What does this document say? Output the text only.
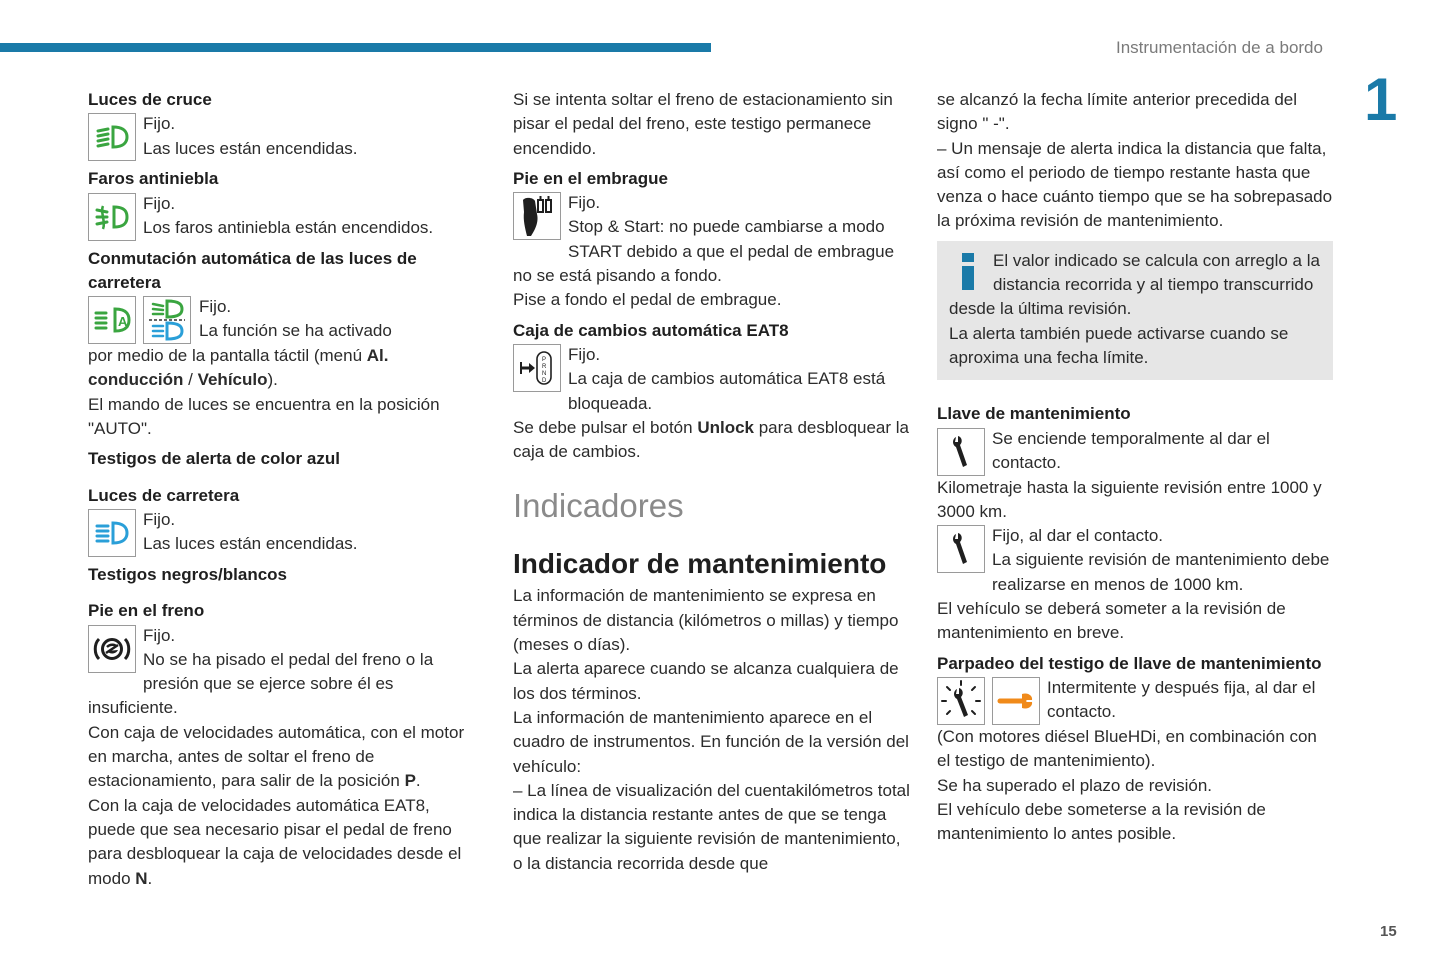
Instrumentación de a bordo
1
15
Luces de cruce

Fijo.

Las luces están encendidas.

Faros antiniebla

Fijo.

Los faros antiniebla están encendidos.

Conmutación automática de las luces de carretera
A

Fijo.

La función se ha activado

por medio de la pantalla táctil (menú Al. conducción / Vehículo).

El mando de luces se encuentra en la posición "AUTO".

Testigos de alerta de color azul
Luces de carretera

Fijo.

Las luces están encendidas.

Testigos negros/blancos
Pie en el freno

Fijo.

No se ha pisado el pedal del freno o la presión que se ejerce sobre él es insuficiente.

Con caja de velocidades automática, con el motor en marcha, antes de soltar el freno de estacionamiento, para salir de la posición P.

Con la caja de velocidades automática EAT8, puede que sea necesario pisar el pedal de freno para desbloquear la caja de velocidades desde el modo N.

Si se intenta soltar el freno de estacionamiento sin pisar el pedal del freno, este testigo permanece encendido.

Pie en el embrague

Fijo.

Stop & Start: no puede cambiarse a modo START debido a que el pedal de embrague no se está pisando a fondo.

Pise a fondo el pedal de embrague.

Caja de cambios automática EAT8
P
R
N
D

Fijo.

La caja de cambios automática EAT8 está bloqueada.

Se debe pulsar el botón Unlock para desbloquear la caja de cambios.

Indicadores
Indicador de mantenimiento

La información de mantenimiento se expresa en términos de distancia (kilómetros o millas) y tiempo (meses o días).

La alerta aparece cuando se alcanza cualquiera de los dos términos.

La información de mantenimiento aparece en el cuadro de instrumentos. En función de la versión del vehículo:

– La línea de visualización del cuentakilómetros total indica la distancia restante antes de que se tenga que realizar la siguiente revisión de mantenimiento, o la distancia recorrida desde que

se alcanzó la fecha límite anterior precedida del signo " -".

– Un mensaje de alerta indica la distancia que falta, así como el periodo de tiempo restante hasta que venza o hace cuánto tiempo que se ha sobrepasado la próxima revisión de mantenimiento.

El valor indicado se calcula con arreglo a la distancia recorrida y al tiempo transcurrido desde la última revisión.

La alerta también puede activarse cuando se aproxima una fecha límite.

Llave de mantenimiento

Se enciende temporalmente al dar el contacto.

Kilometraje hasta la siguiente revisión entre 1000 y 3000 km.

Fijo, al dar el contacto.

La siguiente revisión de mantenimiento debe realizarse en menos de 1000 km.

El vehículo se deberá someter a la revisión de mantenimiento en breve.

Parpadeo del testigo de llave de mantenimiento

Intermitente y después fija, al dar el contacto.

(Con motores diésel BlueHDi, en combinación con el testigo de mantenimiento).

Se ha superado el plazo de revisión.

El vehículo debe someterse a la revisión de mantenimiento lo antes posible.
